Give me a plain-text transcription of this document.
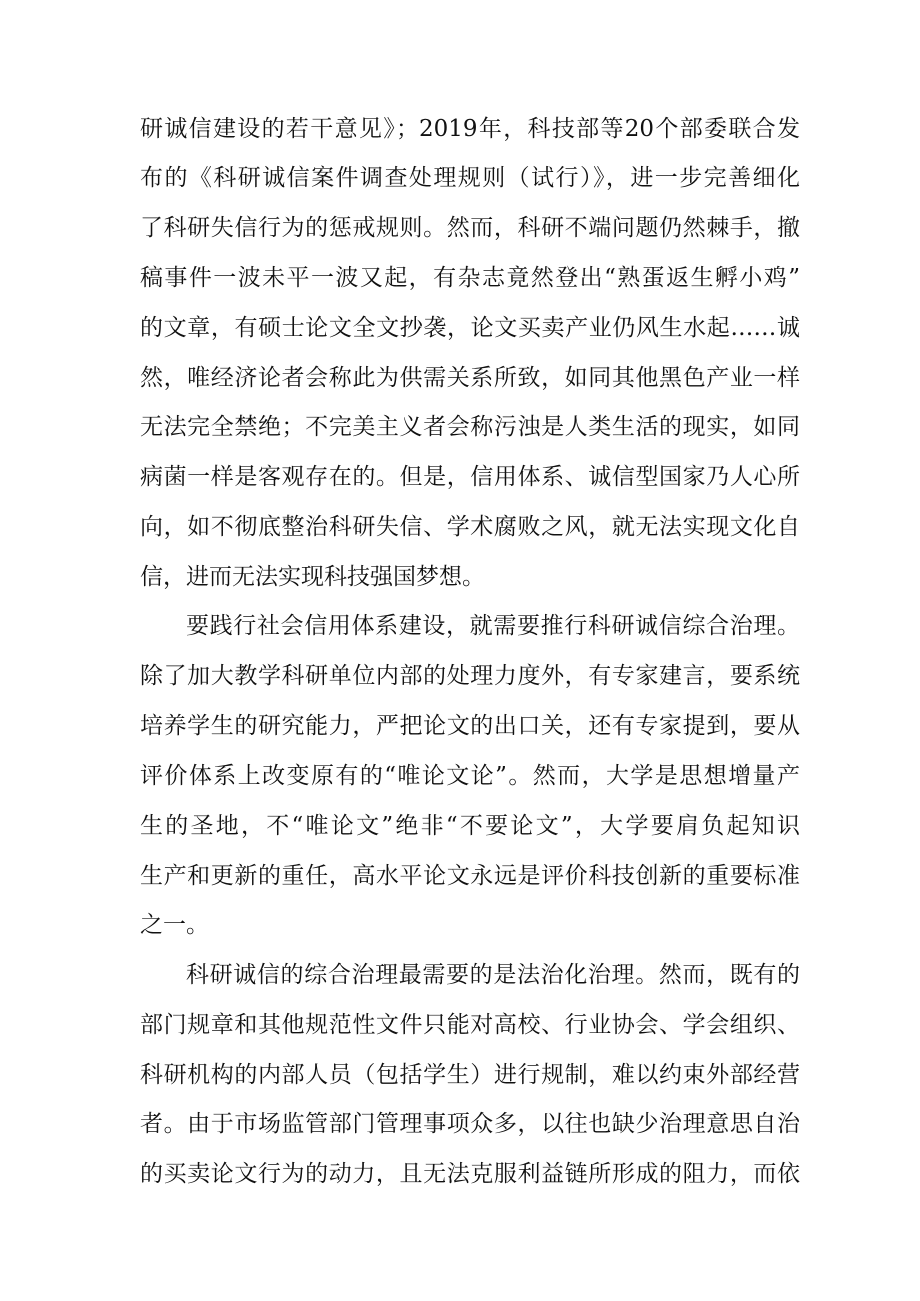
研诚信建设的若干意见》；2019年，科技部等20个部委联合发
布的《科研诚信案件调查处理规则（试行）》，进一步完善细化
了科研失信行为的惩戒规则。然而，科研不端问题仍然棘手，撤
稿事件一波未平一波又起，有杂志竟然登出“熟蛋返生孵小鸡”
的文章，有硕士论文全文抄袭，论文买卖产业仍风生水起……诚
然，唯经济论者会称此为供需关系所致，如同其他黑色产业一样
无法完全禁绝；不完美主义者会称污浊是人类生活的现实，如同
病菌一样是客观存在的。但是，信用体系、诚信型国家乃人心所
向，如不彻底整治科研失信、学术腐败之风，就无法实现文化自
信，进而无法实现科技强国梦想。
要践行社会信用体系建设，就需要推行科研诚信综合治理。
除了加大教学科研单位内部的处理力度外，有专家建言，要系统
培养学生的研究能力，严把论文的出口关，还有专家提到，要从
评价体系上改变原有的“唯论文论”。然而，大学是思想增量产
生的圣地，不“唯论文”绝非“不要论文”，大学要肩负起知识
生产和更新的重任，高水平论文永远是评价科技创新的重要标准
之一。
科研诚信的综合治理最需要的是法治化治理。然而，既有的
部门规章和其他规范性文件只能对高校、行业协会、学会组织、
科研机构的内部人员（包括学生）进行规制，难以约束外部经营
者。由于市场监管部门管理事项众多，以往也缺少治理意思自治
的买卖论文行为的动力，且无法克服利益链所形成的阻力，而依
